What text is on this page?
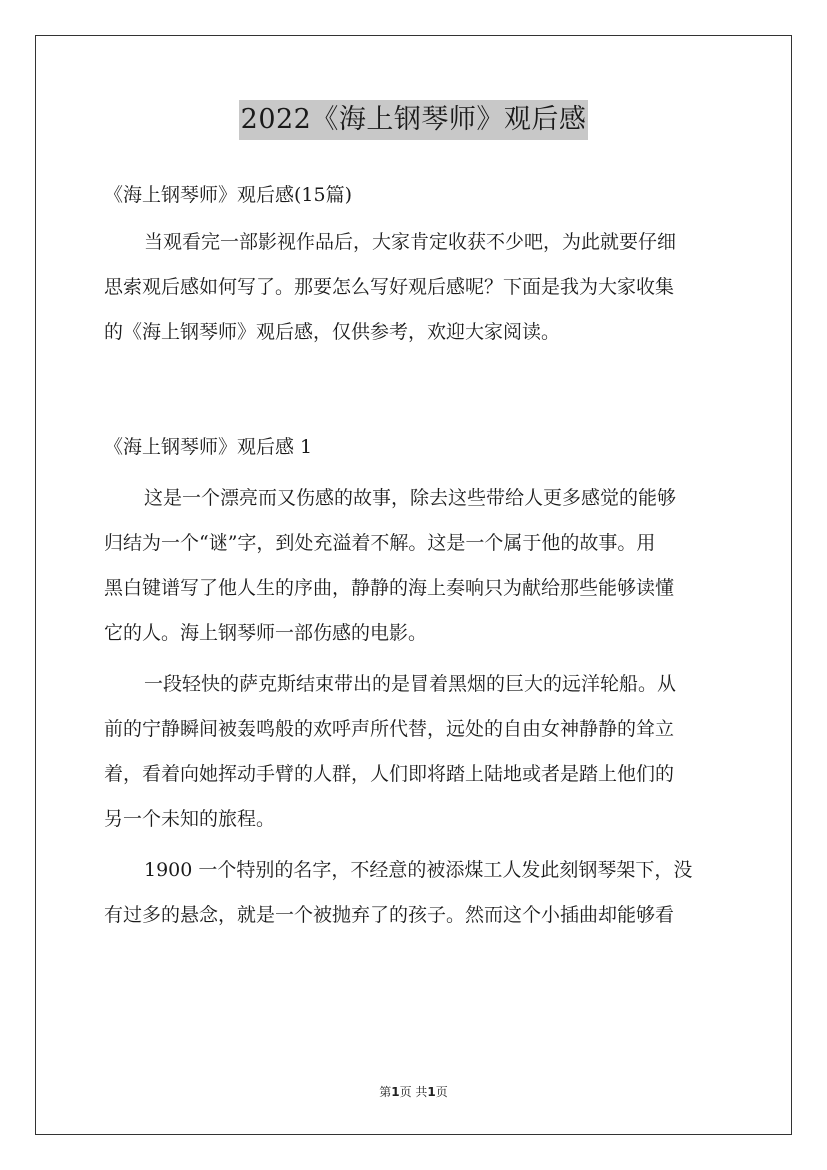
2022《海上钢琴师》观后感
《海上钢琴师》观后感(15篇)
当观看完一部影视作品后，大家肯定收获不少吧，为此就要仔细
思索观后感如何写了。那要怎么写好观后感呢？下面是我为大家收集
的《海上钢琴师》观后感，仅供参考，欢迎大家阅读。
《海上钢琴师》观后感 1
这是一个漂亮而又伤感的故事，除去这些带给人更多感觉的能够
归结为一个“谜”字，到处充溢着不解。这是一个属于他的故事。用
黑白键谱写了他人生的序曲，静静的海上奏响只为献给那些能够读懂
它的人。海上钢琴师一部伤感的电影。
一段轻快的萨克斯结束带出的是冒着黑烟的巨大的远洋轮船。从
前的宁静瞬间被轰鸣般的欢呼声所代替，远处的自由女神静静的耸立
着，看着向她挥动手臂的人群，人们即将踏上陆地或者是踏上他们的
另一个未知的旅程。
1900 一个特别的名字，不经意的被添煤工人发此刻钢琴架下，没
有过多的悬念，就是一个被抛弃了的孩子。然而这个小插曲却能够看
第1页 共1页
